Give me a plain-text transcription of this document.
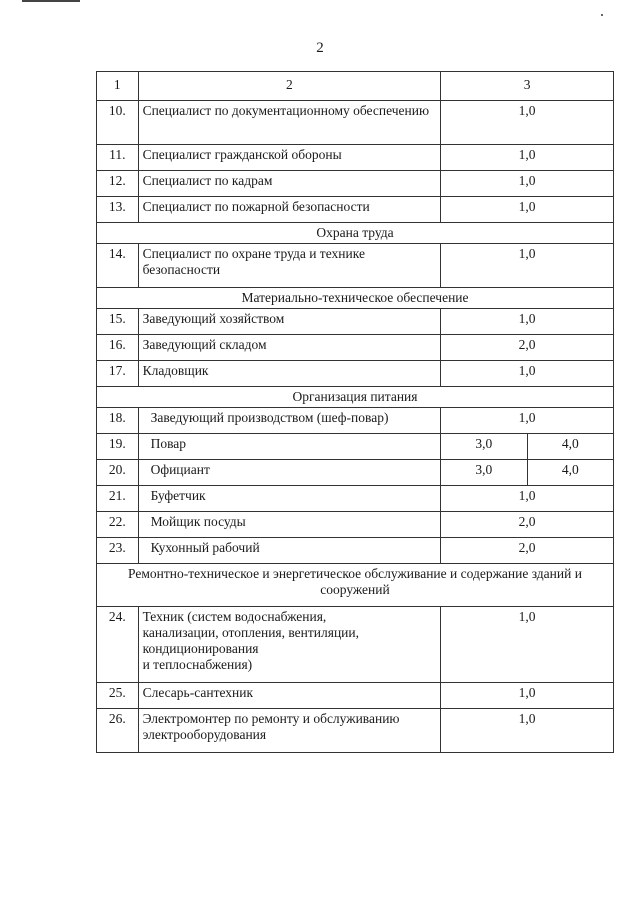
2
1	2	3	
10.	Специалист по документационному обеспечению	1,0	
11.	Специалист гражданской обороны	1,0	
12.	Специалист по кадрам	1,0	
13.	Специалист по пожарной безопасности	1,0	
Охрана труда			
14.	Специалист по охране труда и технике безопасности	1,0	
Материально-техническое обеспечение			
15.	Заведующий хозяйством	1,0	
16.	Заведующий складом	2,0	
17.	Кладовщик	1,0	
Организация питания			
18.	Заведующий производством (шеф-повар)	1,0	
19.	Повар	3,0	4,0
20.	Официант	3,0	4,0
21.	Буфетчик	1,0	
22.	Мойщик посуды	2,0	
23.	Кухонный рабочий	2,0	
Ремонтно-техническое и энергетическое обслуживание и содержание зданий и сооружений			
24.	Техник (систем водоснабжения,
канализации, отопления, вентиляции,
кондиционирования
и теплоснабжения)	1,0	
25.	Слесарь-сантехник	1,0	
26.	Электромонтер по ремонту и обслуживанию электрооборудования	1,0	
